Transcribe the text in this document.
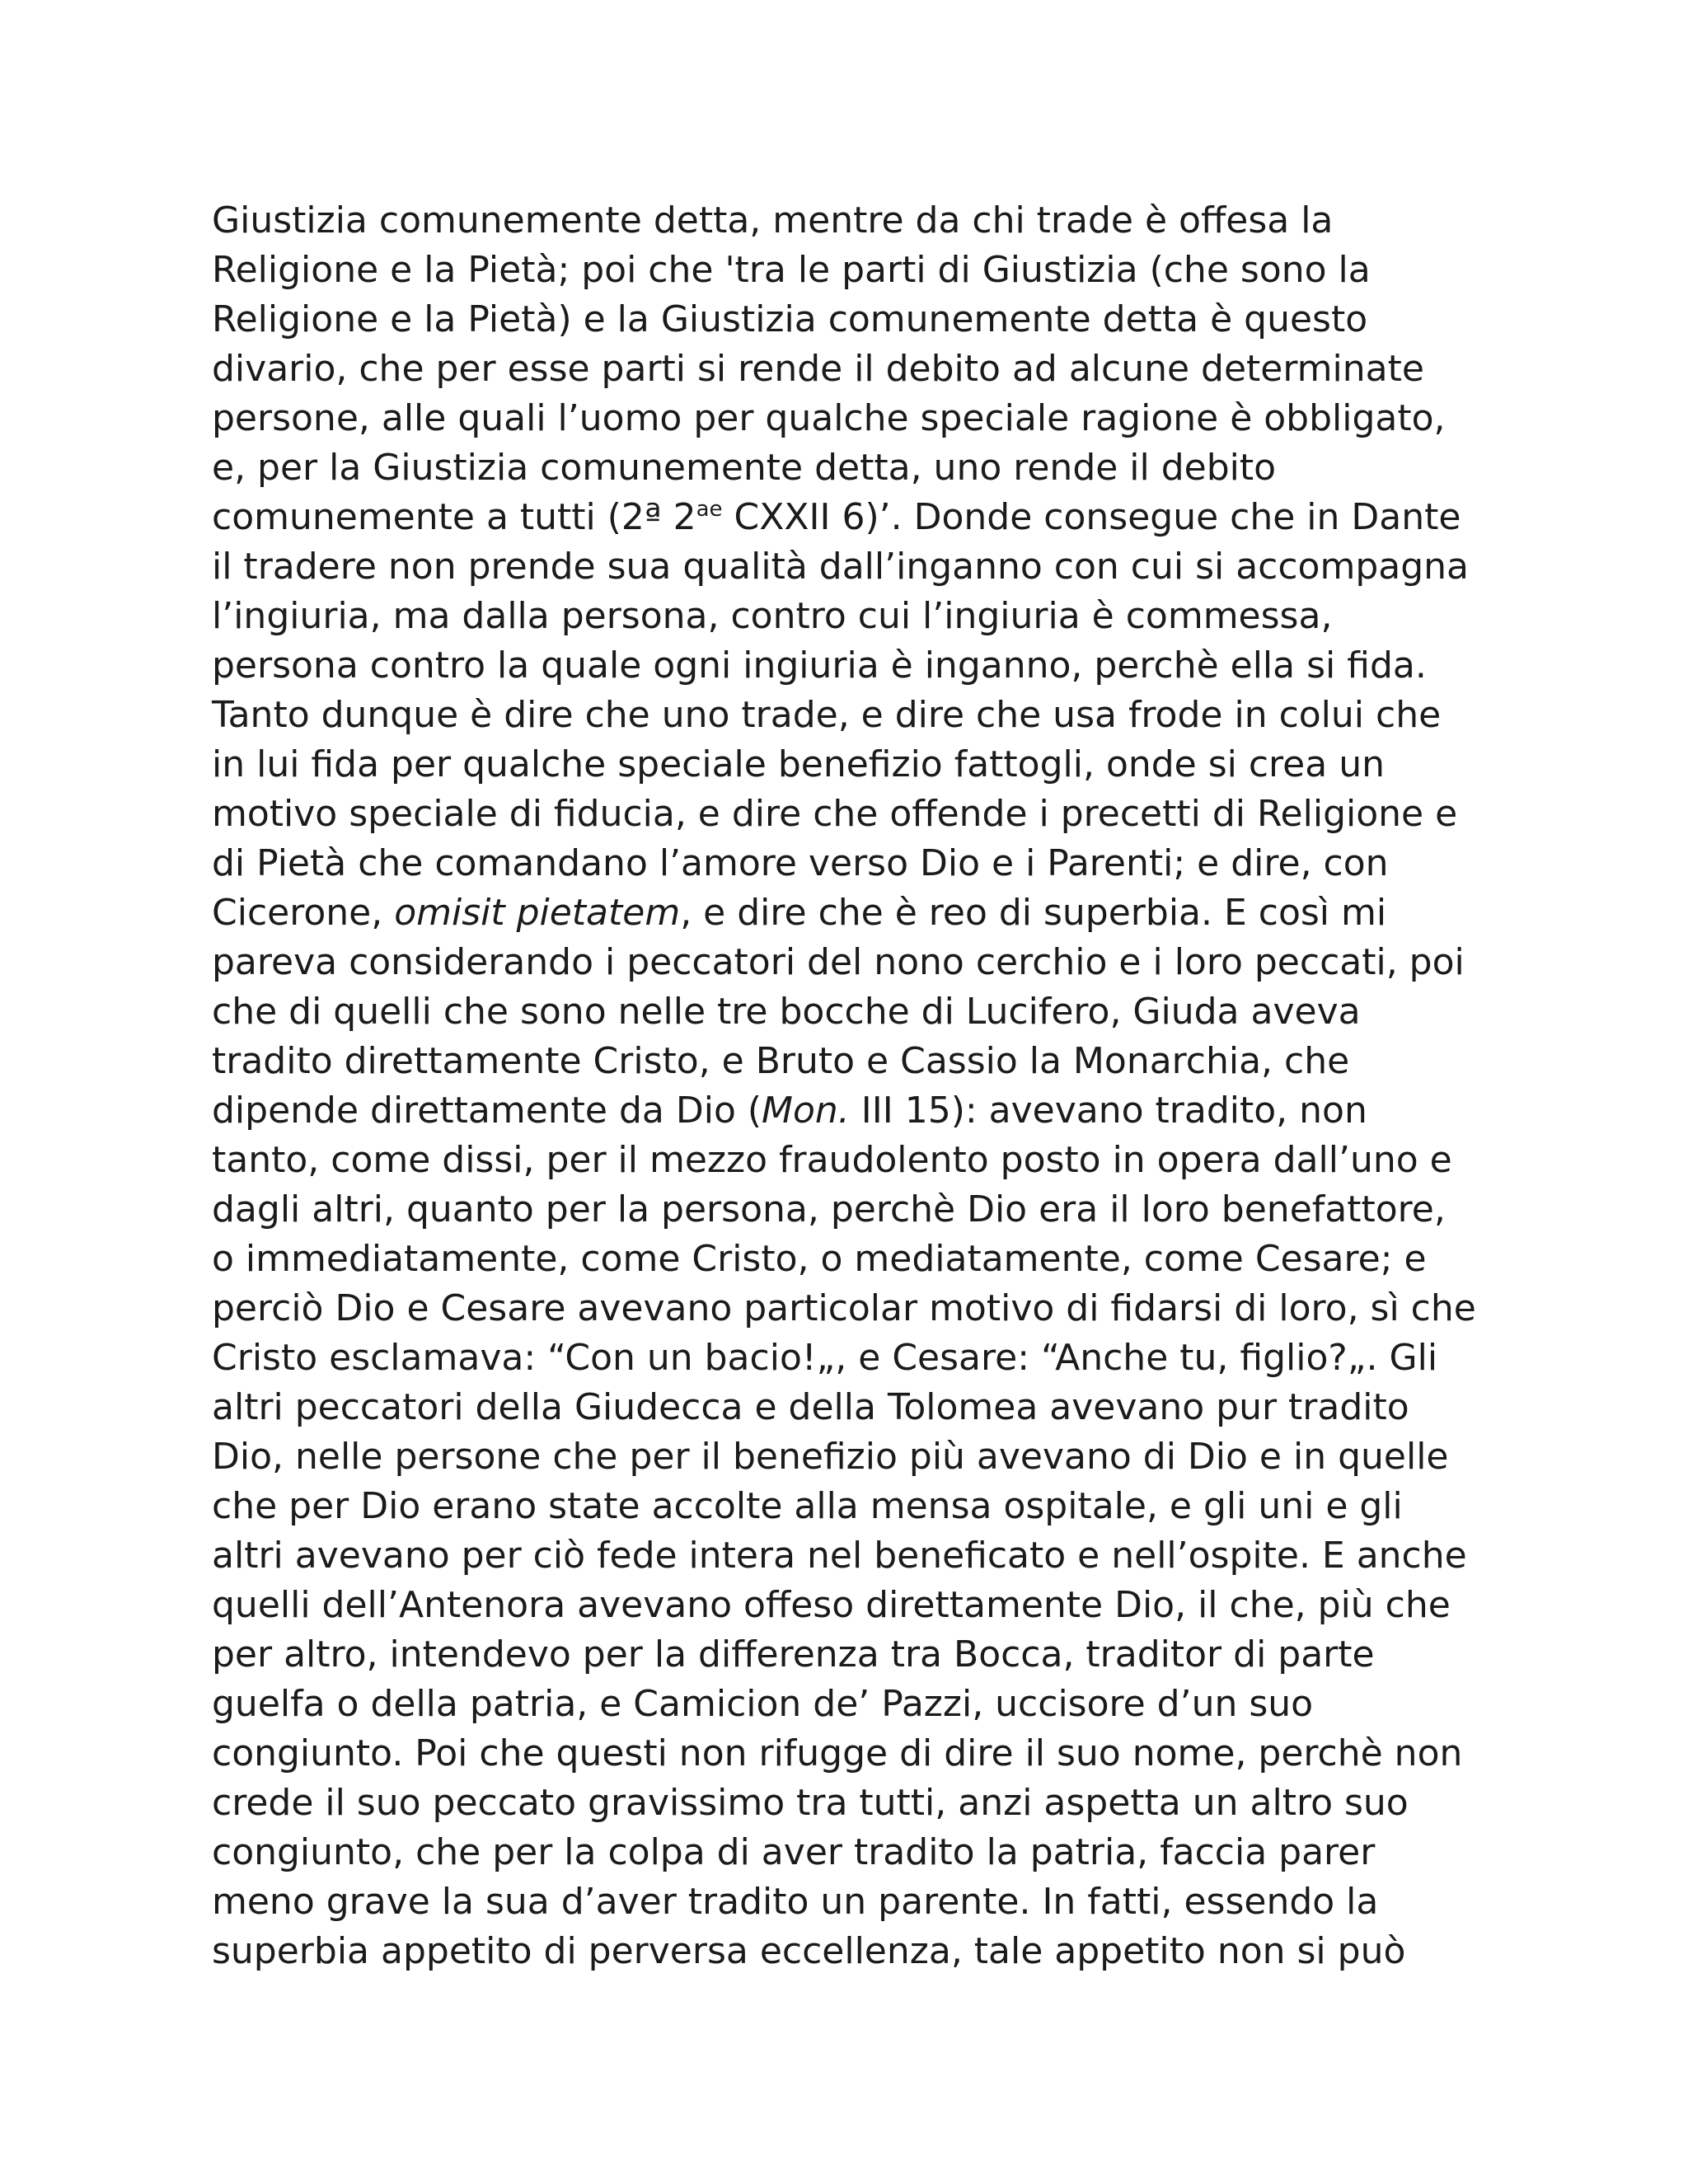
Giustizia comunemente detta, mentre da chi trade è offesa la
Religione e la Pietà; poi che 'tra le parti di Giustizia (che sono la
Religione e la Pietà) e la Giustizia comunemente detta è questo
divario, che per esse parti si rende il debito ad alcune determinate
persone, alle quali l’uomo per qualche speciale ragione è obbligato,
e, per la Giustizia comunemente detta, uno rende il debito
comunemente a tutti (2ª $2^{ae}$ CXXII 6)’. Donde consegue che in Dante
il tradere non prende sua qualità dall’inganno con cui si accompagna
l’ingiuria, ma dalla persona, contro cui l’ingiuria è commessa,
persona contro la quale ogni ingiuria è inganno, perchè ella si fida.
Tanto dunque è dire che uno trade, e dire che usa frode in colui che
in lui fida per qualche speciale benefizio fattogli, onde si crea un
motivo speciale di fiducia, e dire che offende i precetti di Religione e
di Pietà che comandano l’amore verso Dio e i Parenti; e dire, con
Cicerone, omisit pietatem, e dire che è reo di superbia. E così mi
pareva considerando i peccatori del nono cerchio e i loro peccati, poi
che di quelli che sono nelle tre bocche di Lucifero, Giuda aveva
tradito direttamente Cristo, e Bruto e Cassio la Monarchia, che
dipende direttamente da Dio (Mon. III 15): avevano tradito, non
tanto, come dissi, per il mezzo fraudolento posto in opera dall’uno e
dagli altri, quanto per la persona, perchè Dio era il loro benefattore,
o immediatamente, come Cristo, o mediatamente, come Cesare; e
perciò Dio e Cesare avevano particolar motivo di fidarsi di loro, sì che
Cristo esclamava: “Con un bacio!„, e Cesare: “Anche tu, figlio?„. Gli
altri peccatori della Giudecca e della Tolomea avevano pur tradito
Dio, nelle persone che per il benefizio più avevano di Dio e in quelle
che per Dio erano state accolte alla mensa ospitale, e gli uni e gli
altri avevano per ciò fede intera nel beneficato e nell’ospite. E anche
quelli dell’Antenora avevano offeso direttamente Dio, il che, più che
per altro, intendevo per la differenza tra Bocca, traditor di parte
guelfa o della patria, e Camicion de’ Pazzi, uccisore d’un suo
congiunto. Poi che questi non rifugge di dire il suo nome, perchè non
crede il suo peccato gravissimo tra tutti, anzi aspetta un altro suo
congiunto, che per la colpa di aver tradito la patria, faccia parer
meno grave la sua d’aver tradito un parente. In fatti, essendo la
superbia appetito di perversa eccellenza, tale appetito non si può
